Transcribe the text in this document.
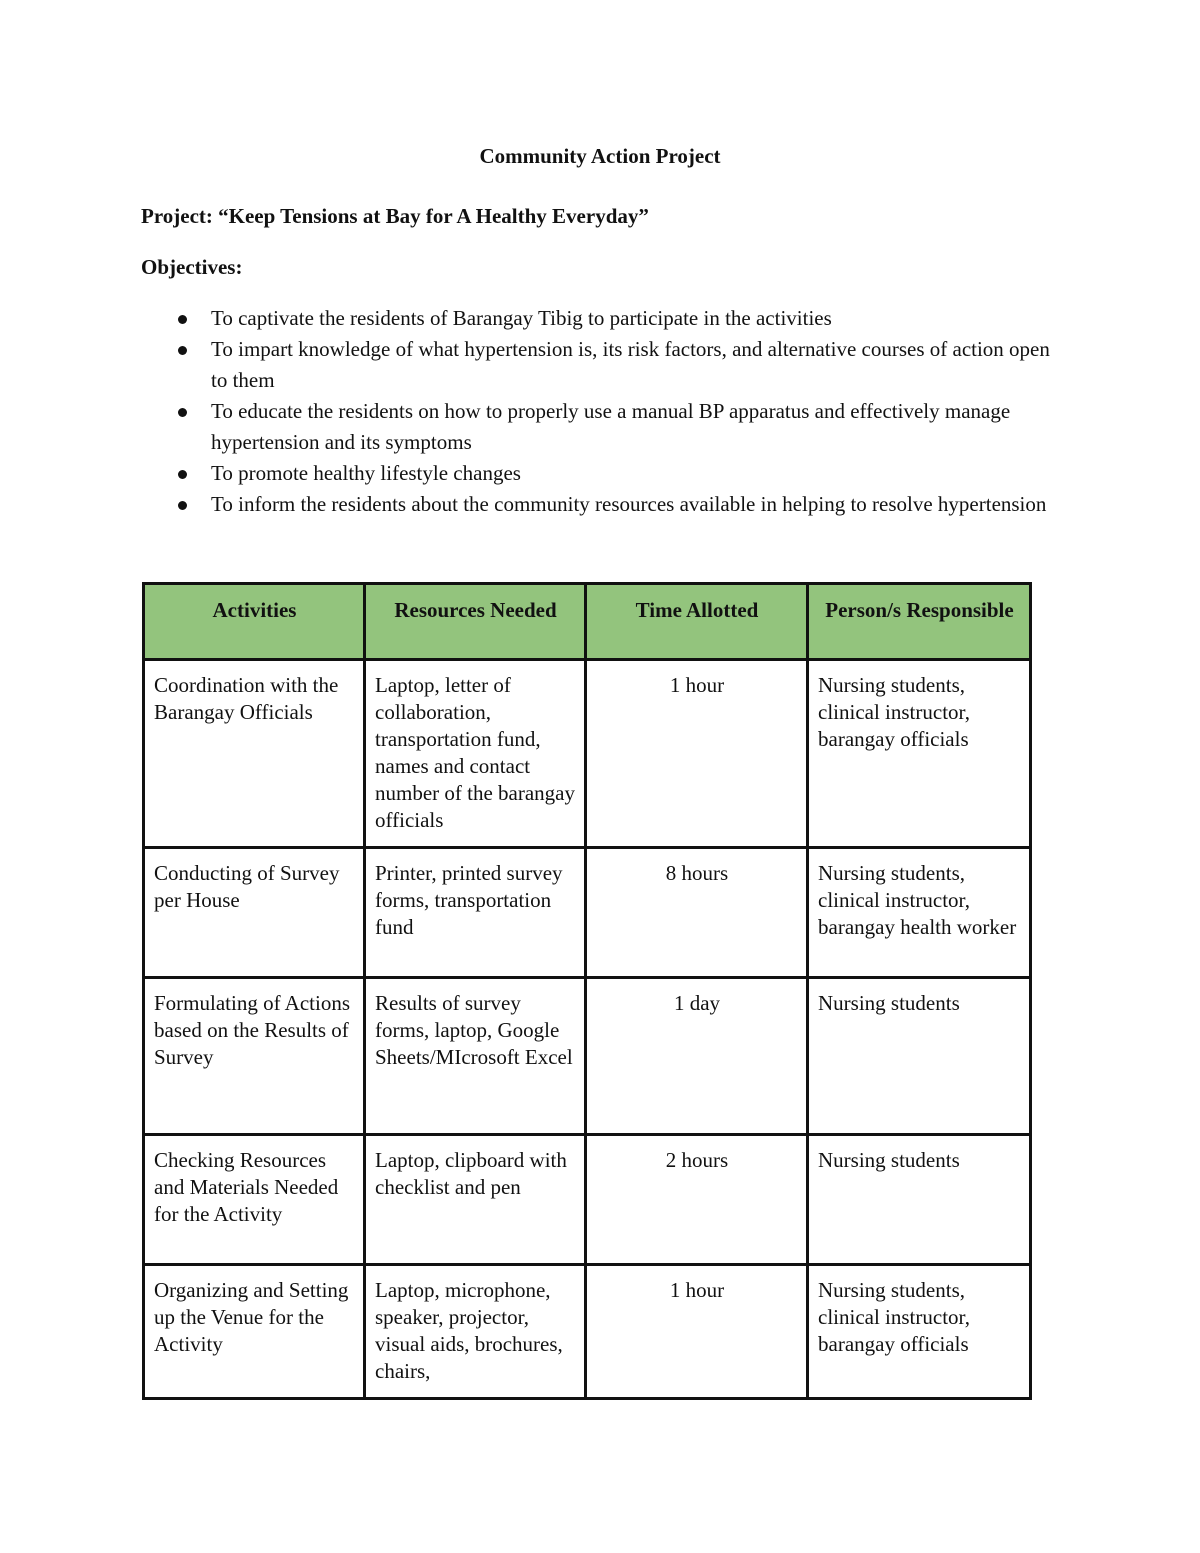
Community Action Project
Project: “Keep Tensions at Bay for A Healthy Everyday”
Objectives:
To captivate the residents of Barangay Tibig to participate in the activities
To impart knowledge of what hypertension is, its risk factors, and alternative courses of action open to them
To educate the residents on how to properly use a manual BP apparatus and effectively manage hypertension and its symptoms
To promote healthy lifestyle changes
To inform the residents about the community resources available in helping to resolve hypertension
Activities	Resources Needed	Time Allotted	Person/s Responsible
Coordination with the Barangay Officials	Laptop, letter of collaboration, transportation fund, names and contact number of the barangay officials	1 hour	Nursing students, clinical instructor, barangay officials
Conducting of Survey per House	Printer, printed survey forms, transportation fund	8 hours	Nursing students, clinical instructor, barangay health worker
Formulating of Actions based on the Results of Survey	Results of survey forms, laptop, Google Sheets/MIcrosoft Excel	1 day	Nursing students
Checking Resources and Materials Needed for the Activity	Laptop, clipboard with checklist and pen	2 hours	Nursing students
Organizing and Setting up the Venue for the Activity	Laptop, microphone, speaker, projector, visual aids, brochures, chairs,	1 hour	Nursing students, clinical instructor, barangay officials
